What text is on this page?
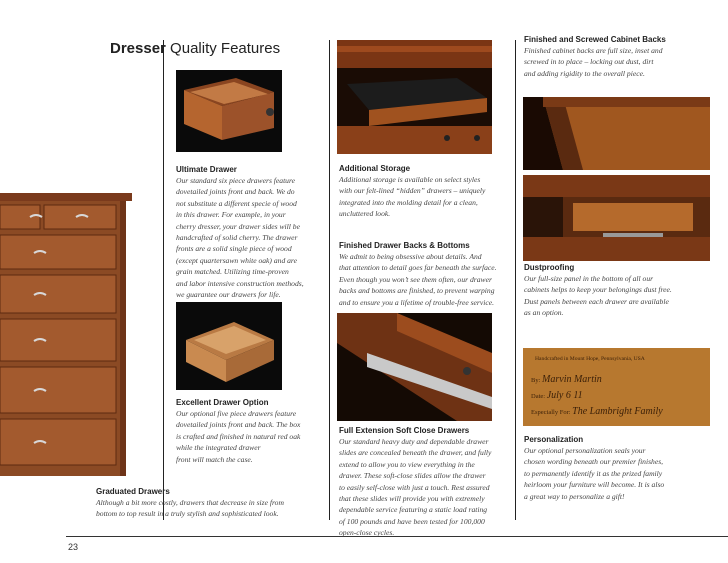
Dresser Quality Features
Handcrafted in Mount Hope, Pennsylvania, USA
By: Marvin Martin
Date: July 6 11
Especially For: The Lambright Family
Ultimate Drawer
Our standard six piece drawers feature
dovetailed joints front and back. We do
not substitute a different specie of wood
in this drawer. For example, in your
cherry dresser, your drawer sides will be
handcrafted of solid cherry. The drawer
fronts are a solid single piece of wood
(except quartersawn white oak) and are
grain matched. Utilizing time-proven
and labor intensive construction methods,
we guarantee our drawers for life.
Excellent Drawer Option
Our optional five piece drawers feature
dovetailed joints front and back. The box
is crafted and finished in natural red oak
while the integrated drawer
front will match the case.
Graduated Drawers
Although a bit more costly, drawers that decrease in size from
bottom to top result in a truly stylish and sophisticated look.
Additional Storage
Additional storage is available on select styles
with our felt-lined “hidden” drawers – uniquely
integrated into the molding detail for a clean,
uncluttered look.
Finished Drawer Backs & Bottoms
We admit to being obsessive about details. And
that attention to detail goes far beneath the surface.
Even though you won’t see them often, our drawer
backs and bottoms are finished, to prevent warping
and to ensure you a lifetime of trouble-free service.
Full Extension Soft Close Drawers
Our standard heavy duty and dependable drawer
slides are concealed beneath the drawer, and fully
extend to allow you to view everything in the
drawer. These soft-close slides allow the drawer
to easily self-close with just a touch. Rest assured
that these slides will provide you with extremely
dependable service featuring a static load rating
of 100 pounds and have been tested for 100,000
open-close cycles.
Finished and Screwed Cabinet Backs
Finished cabinet backs are full size, inset and
screwed in to place – locking out dust, dirt
and adding rigidity to the overall piece.
Dustproofing
Our full-size panel in the bottom of all our
cabinets helps to keep your belongings dust free.
Dust panels between each drawer are available
as an option.
Personalization
Our optional personalization seals your
chosen wording beneath our premier finishes,
to permanently identify it as the prized family
heirloom your furniture will become. It is also
a great way to personalize a gift!
23
